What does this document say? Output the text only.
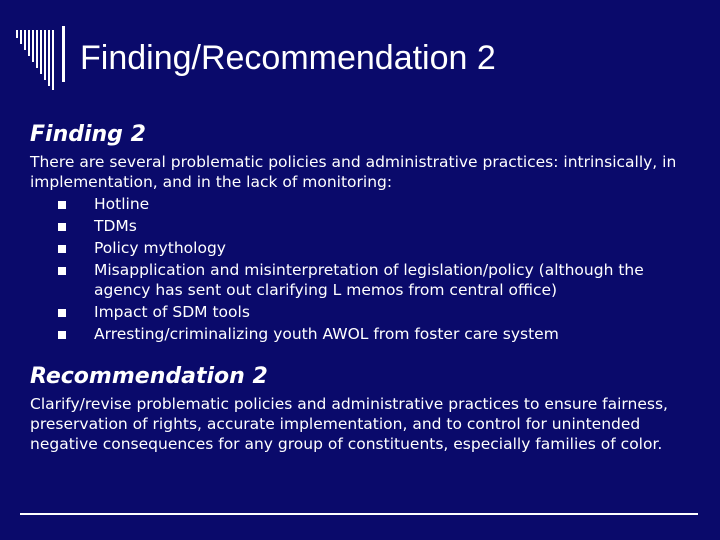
Finding/Recommendation 2
Finding 2

There are several problematic policies and administrative practices: intrinsically, in implementation, and in the lack of monitoring:

Hotline
TDMs
Policy mythology
Misapplication and misinterpretation of legislation/policy (although the agency has sent out clarifying L memos from central office)
Impact of SDM tools
Arresting/criminalizing youth AWOL from foster care system
Recommendation 2

Clarify/revise problematic policies and administrative practices to ensure fairness, preservation of rights, accurate implementation, and to control for unintended negative consequences for any group of constituents, especially families of color.
